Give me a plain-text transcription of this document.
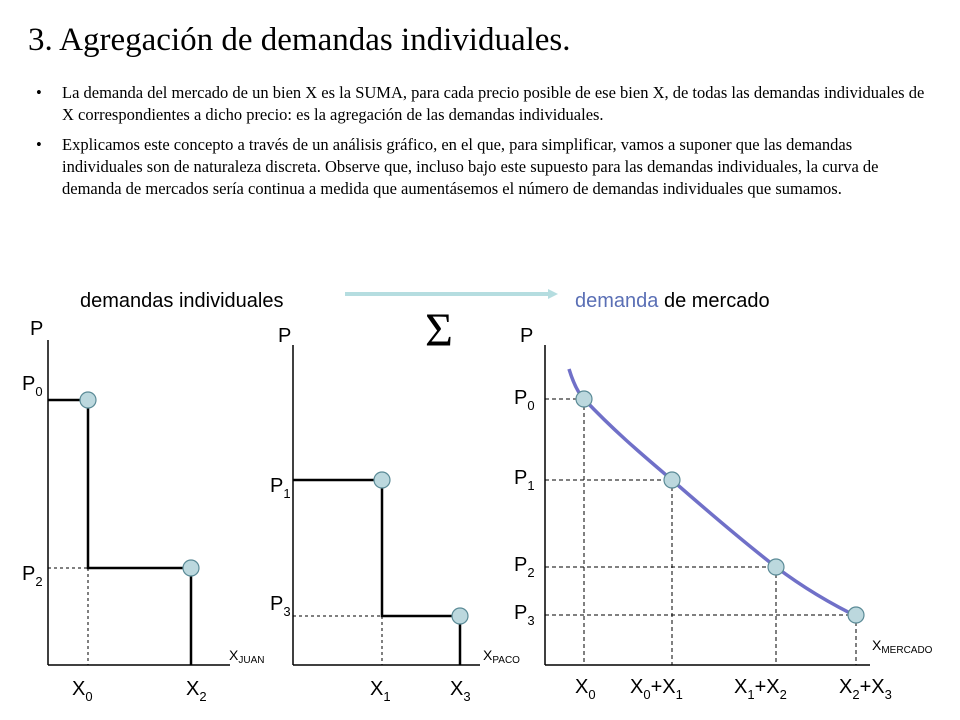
3. Agregación de demandas individuales.
• La demanda del mercado de un bien X es la SUMA, para cada precio posible de ese bien X, de todas las demandas individuales de X correspondientes a dicho precio: es la agregación de las demandas individuales.
• Explicamos este concepto a través de un análisis gráfico, en el que, para simplificar, vamos a suponer que las demandas individuales son de naturaleza discreta. Observe que, incluso bajo este supuesto para las demandas individuales, la curva de demanda de mercados sería continua a medida que aumentásemos el número de demandas individuales que sumamos.
demandas individuales	demanda de mercado
Σ
P
$P_0$
$P_2$
$X_0$	$X_2$
$X_{JUAN}$
P
$P_1$
$P_3$
$X_1$	$X_3$
$X_{PACO}$
P
$P_0$
$P_1$
$P_2$
$P_3$
$X_0$ $X_0+X_1$	$X_1+X_2$	$X_2+X_3$
$X_{MERCADO}$
